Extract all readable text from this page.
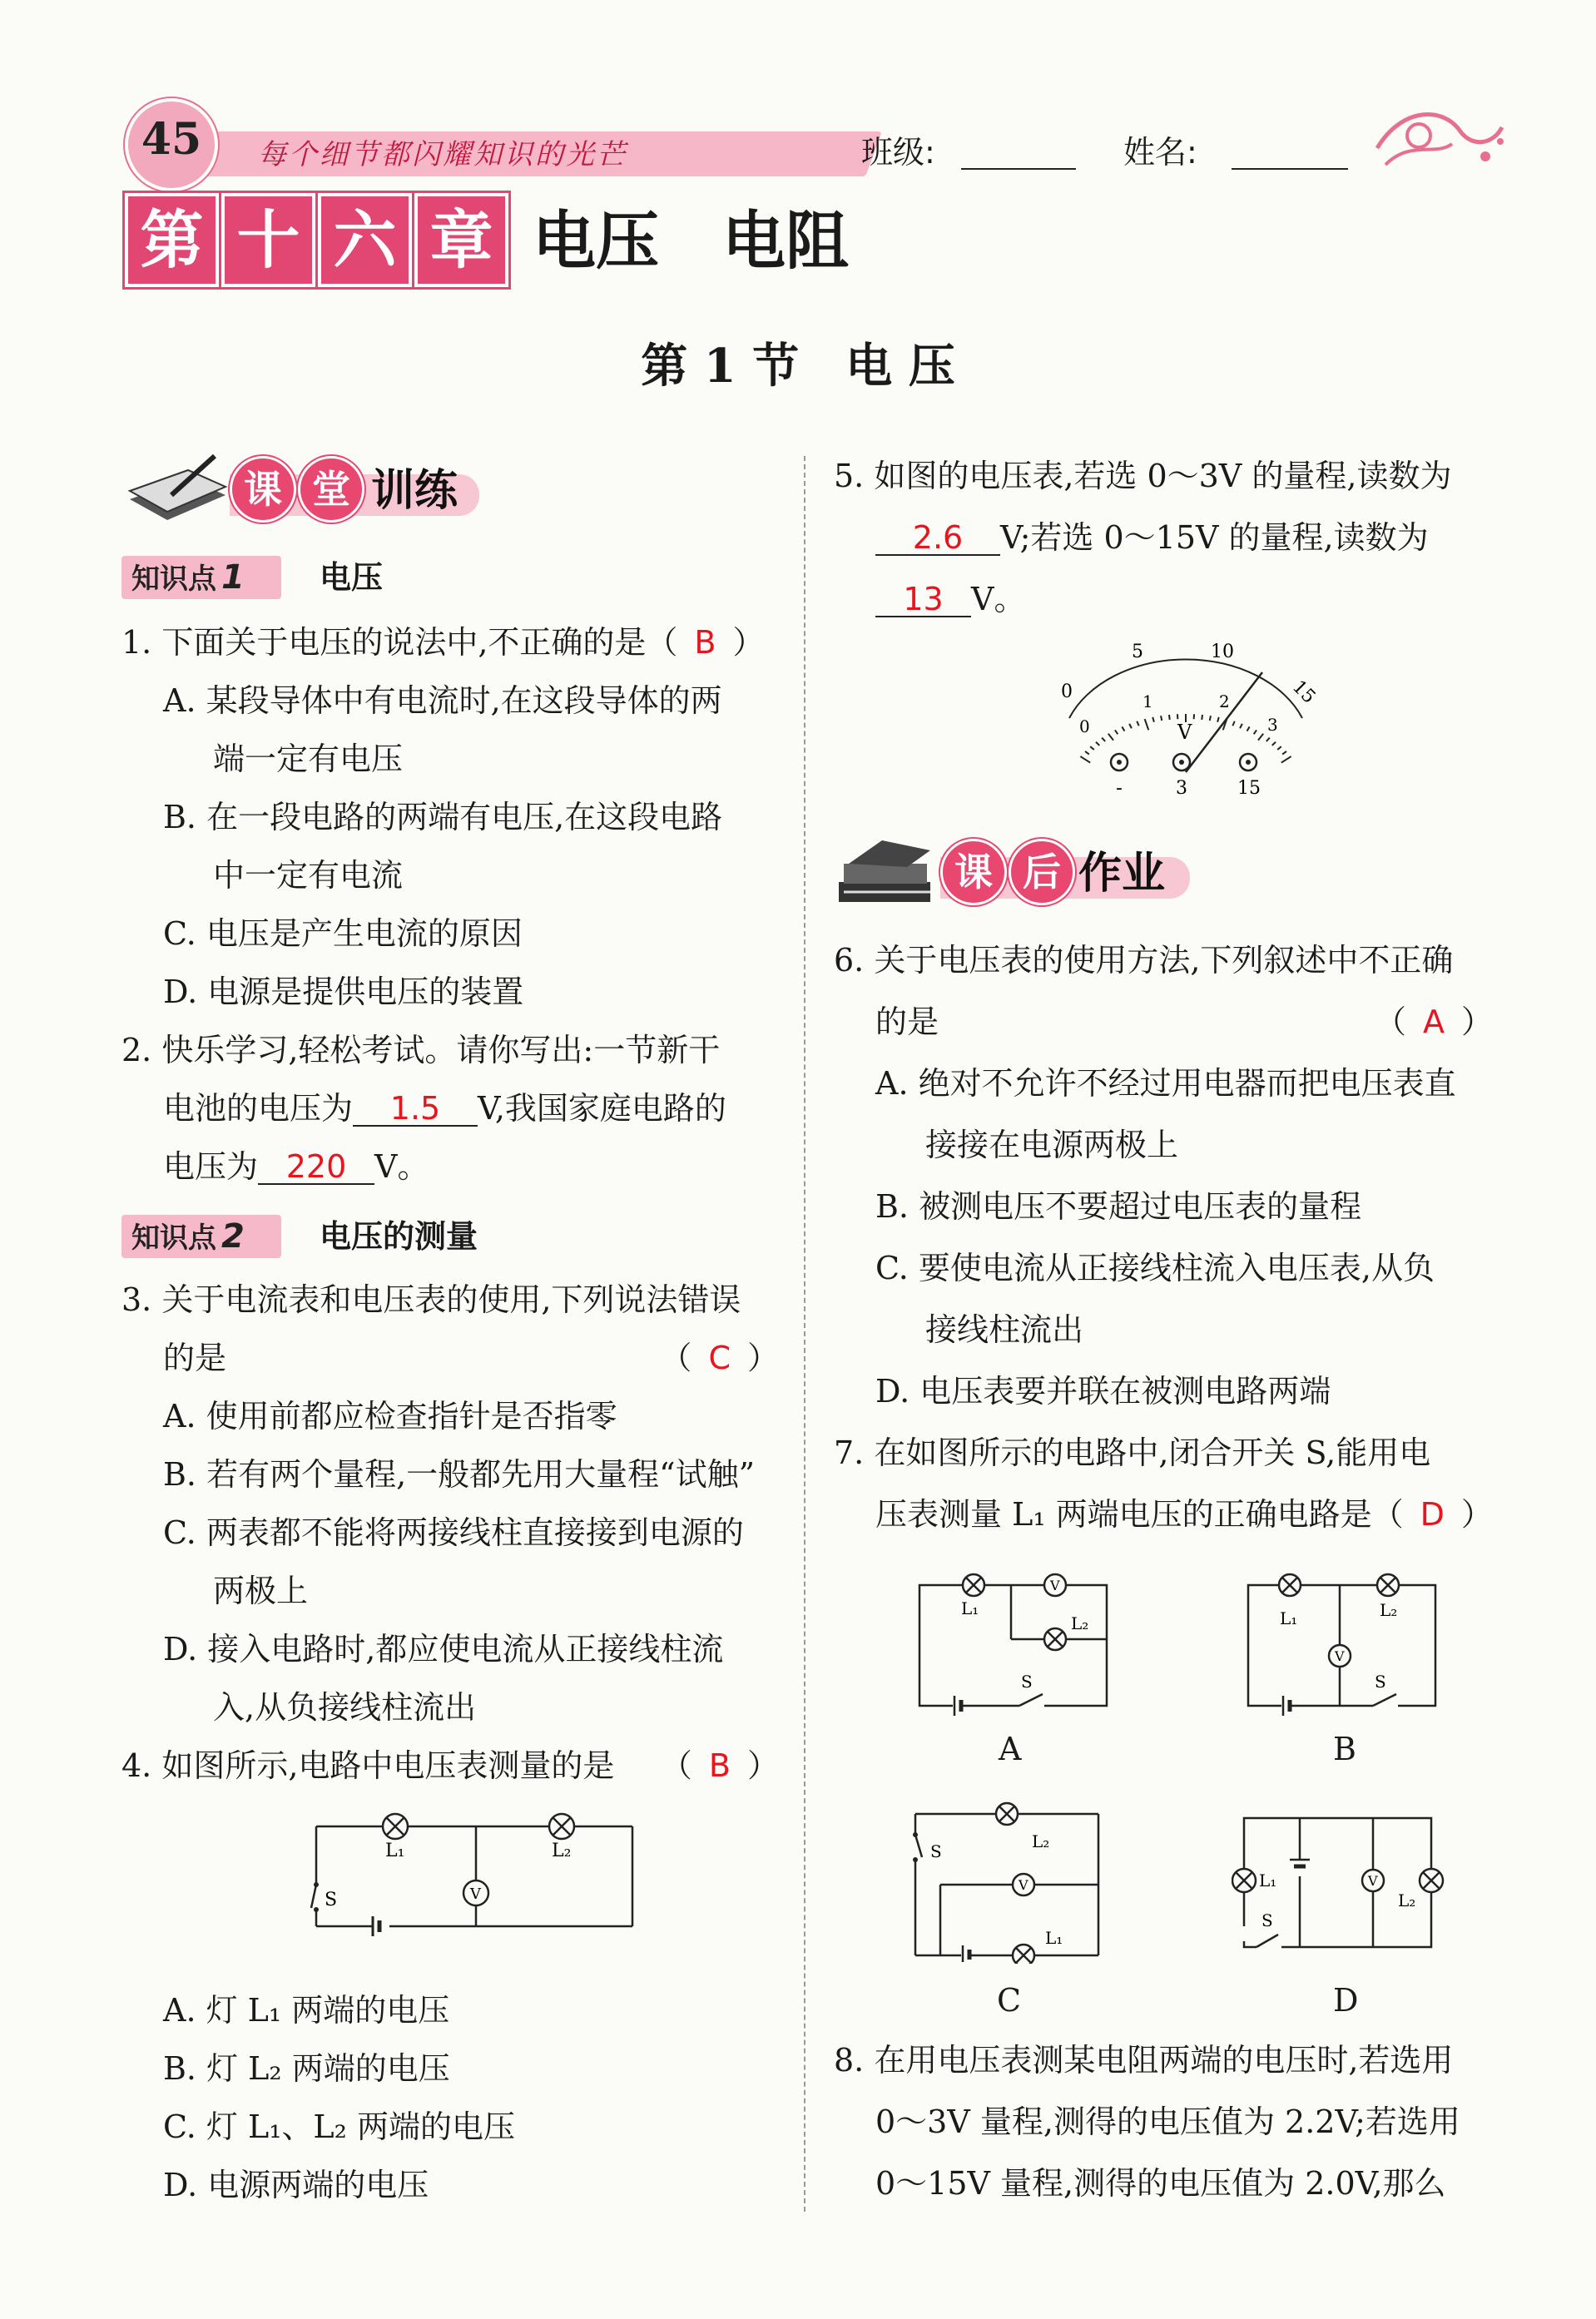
每个细节都闪耀知识的光芒
45	班级:	姓名:
第 十 六 章 电压　电阻
第 1 节　电 压
课 堂 训练
知识点 1	电压
1. 下面关于电压的说法中,不正确的是（ B ）
A. 某段导体中有电流时,在这段导体的两
端一定有电压
B. 在一段电路的两端有电压,在这段电路
中一定有电流
C. 电压是产生电流的原因
D. 电源是提供电压的装置
2. 快乐学习,轻松考试。请你写出:一节新干
电池的电压为 1.5 V,我国家庭电路的
电压为 220 V。
知识点 2	电压的测量
3. 关于电流表和电压表的使用,下列说法错误
的是	（ C ）
A. 使用前都应检查指针是否指零
B. 若有两个量程,一般都先用大量程“试触”
C. 两表都不能将两接线柱直接接到电源的
两极上
D. 接入电路时,都应使电流从正接线柱流
入,从负接线柱流出
4. 如图所示,电路中电压表测量的是 （ B ）
L₁	L₂
V
S
A. 灯 L₁ 两端的电压
B. 灯 L₂ 两端的电压
C. 灯 L₁、L₂ 两端的电压
D. 电源两端的电压
5. 如图的电压表,若选 0～3V 的量程,读数为
2.6 V;若选 0～15V 的量程,读数为
13 V。
0
5	10
15
0
1	2
3
V
-	3	15
课 后 作业
6. 关于电压表的使用方法,下列叙述中不正确
的是	（ A ）
A. 绝对不允许不经过用电器而把电压表直
接接在电源两极上
B. 被测电压不要超过电压表的量程
C. 要使电流从正接线柱流入电压表,从负
接线柱流出
D. 电压表要并联在被测电路两端
7. 在如图所示的电路中,闭合开关 S,能用电
压表测量 L₁ 两端电压的正确电路是（ D ）
L₁
V
L₂
S
A
L₁	L₂
V
S
B
L₂
V
L₁
S
C
L₁	V
L₂
S
D
8. 在用电压表测某电阻两端的电压时,若选用
0～3V 量程,测得的电压值为 2.2V;若选用
0～15V 量程,测得的电压值为 2.0V,那么
